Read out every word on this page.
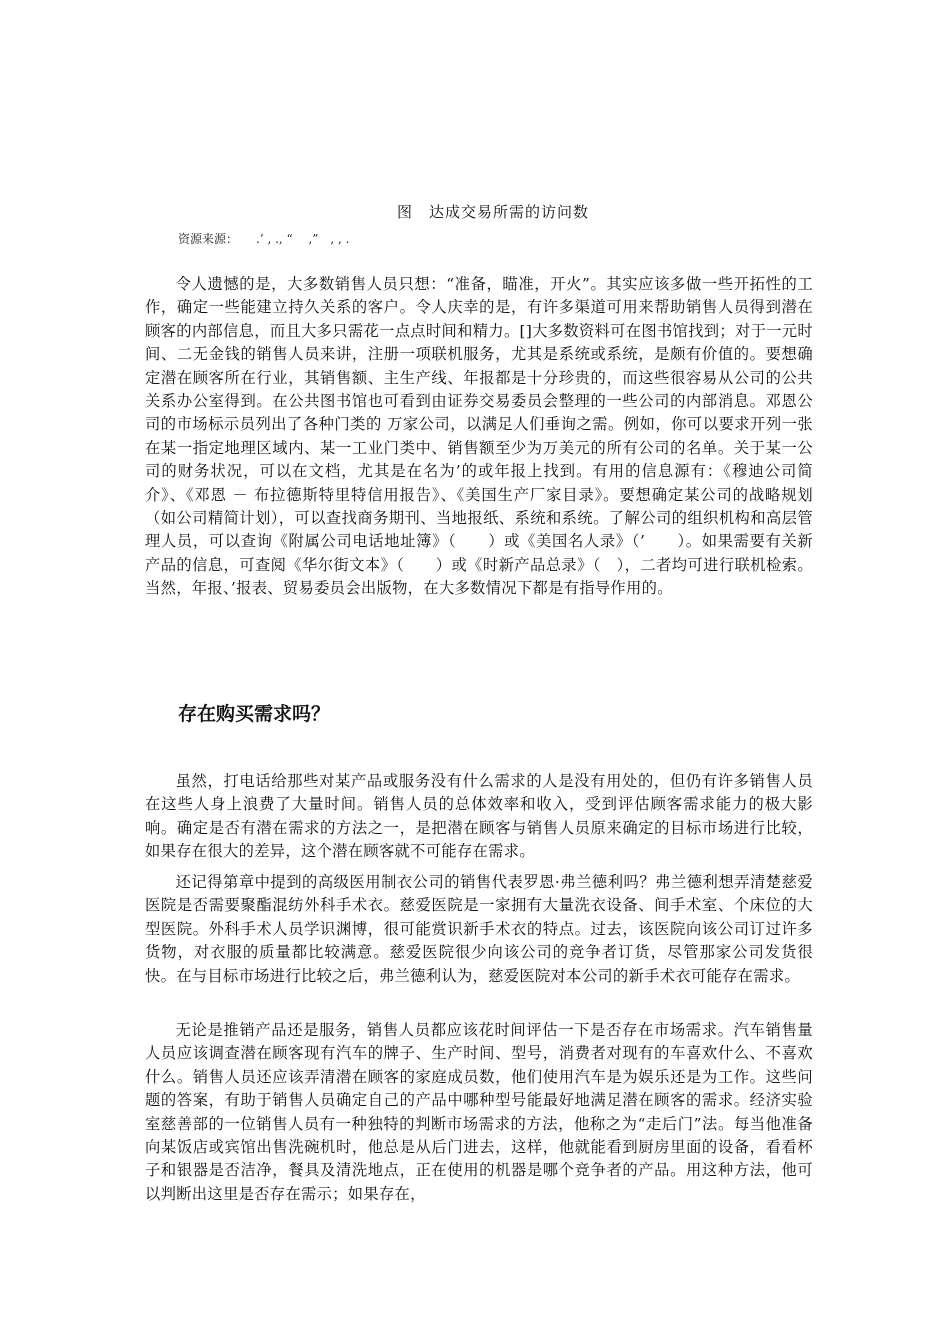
图　达成交易所需的访问数
资源来源：　　.’ , ., “　 ,”　, , .

令人遗憾的是，大多数销售人员只想：“准备，瞄准，开火”。其实应该多做一些开拓性的工作，确定一些能建立持久关系的客户。令人庆幸的是，有许多渠道可用来帮助销售人员得到潜在顾客的内部信息，而且大多只需花一点点时间和精力。[]大多数资料可在图书馆找到；对于一元时间、二无金钱的销售人员来讲，注册一项联机服务，尤其是系统或系统，是颇有价值的。要想确定潜在顾客所在行业，其销售额、主生产线、年报都是十分珍贵的，而这些很容易从公司的公共关系办公室得到。在公共图书馆也可看到由证券交易委员会整理的一些公司的内部消息。邓恩公司的市场标示员列出了各种门类的 万家公司，以满足人们垂询之需。例如，你可以要求开列一张在某一指定地理区域内、某一工业门类中、销售额至少为万美元的所有公司的名单。关于某一公司的财务状况，可以在文档，尤其是在名为’的或年报上找到。有用的信息源有：《穆迪公司简介》、《邓恩 － 布拉德斯特里特信用报告》、《美国生产厂家目录》。要想确定某公司的战略规划（如公司精简计划），可以查找商务期刊、当地报纸、系统和系统。了解公司的组织机构和高层管理人员，可以查询《附属公司电话地址簿》（　　）或《美国名人录》（’　　）。如果需要有关新产品的信息，可查阅《华尔街文本》（　　）或《时新产品总录》（　），二者均可进行联机检索。当然，年报、’报表、贸易委员会出版物，在大多数情况下都是有指导作用的。

存在购买需求吗？

虽然，打电话给那些对某产品或服务没有什么需求的人是没有用处的，但仍有许多销售人员在这些人身上浪费了大量时间。销售人员的总体效率和收入，受到评估顾客需求能力的极大影响。确定是否有潜在需求的方法之一，是把潜在顾客与销售人员原来确定的目标市场进行比较，如果存在很大的差异，这个潜在顾客就不可能存在需求。

还记得第章中提到的高级医用制衣公司的销售代表罗恩·弗兰德利吗？弗兰德利想弄清楚慈爱医院是否需要聚酯混纺外科手术衣。慈爱医院是一家拥有大量洗衣设备、间手术室、个床位的大型医院。外科手术人员学识渊博，很可能赏识新手术衣的特点。过去，该医院向该公司订过许多货物，对衣服的质量都比较满意。慈爱医院很少向该公司的竞争者订货，尽管那家公司发货很快。在与目标市场进行比较之后，弗兰德利认为，慈爱医院对本公司的新手术衣可能存在需求。

无论是推销产品还是服务，销售人员都应该花时间评估一下是否存在市场需求。汽车销售量人员应该调查潜在顾客现有汽车的牌子、生产时间、型号，消费者对现有的车喜欢什么、不喜欢什么。销售人员还应该弄清潜在顾客的家庭成员数，他们使用汽车是为娱乐还是为工作。这些问题的答案，有助于销售人员确定自己的产品中哪种型号能最好地满足潜在顾客的需求。经济实验室慈善部的一位销售人员有一种独特的判断市场需求的方法，他称之为“走后门”法。每当他准备向某饭店或宾馆出售洗碗机时，他总是从后门进去，这样，他就能看到厨房里面的设备，看看杯子和银器是否洁净，餐具及清洗地点，正在使用的机器是哪个竞争者的产品。用这种方法，他可以判断出这里是否存在需示；如果存在，
